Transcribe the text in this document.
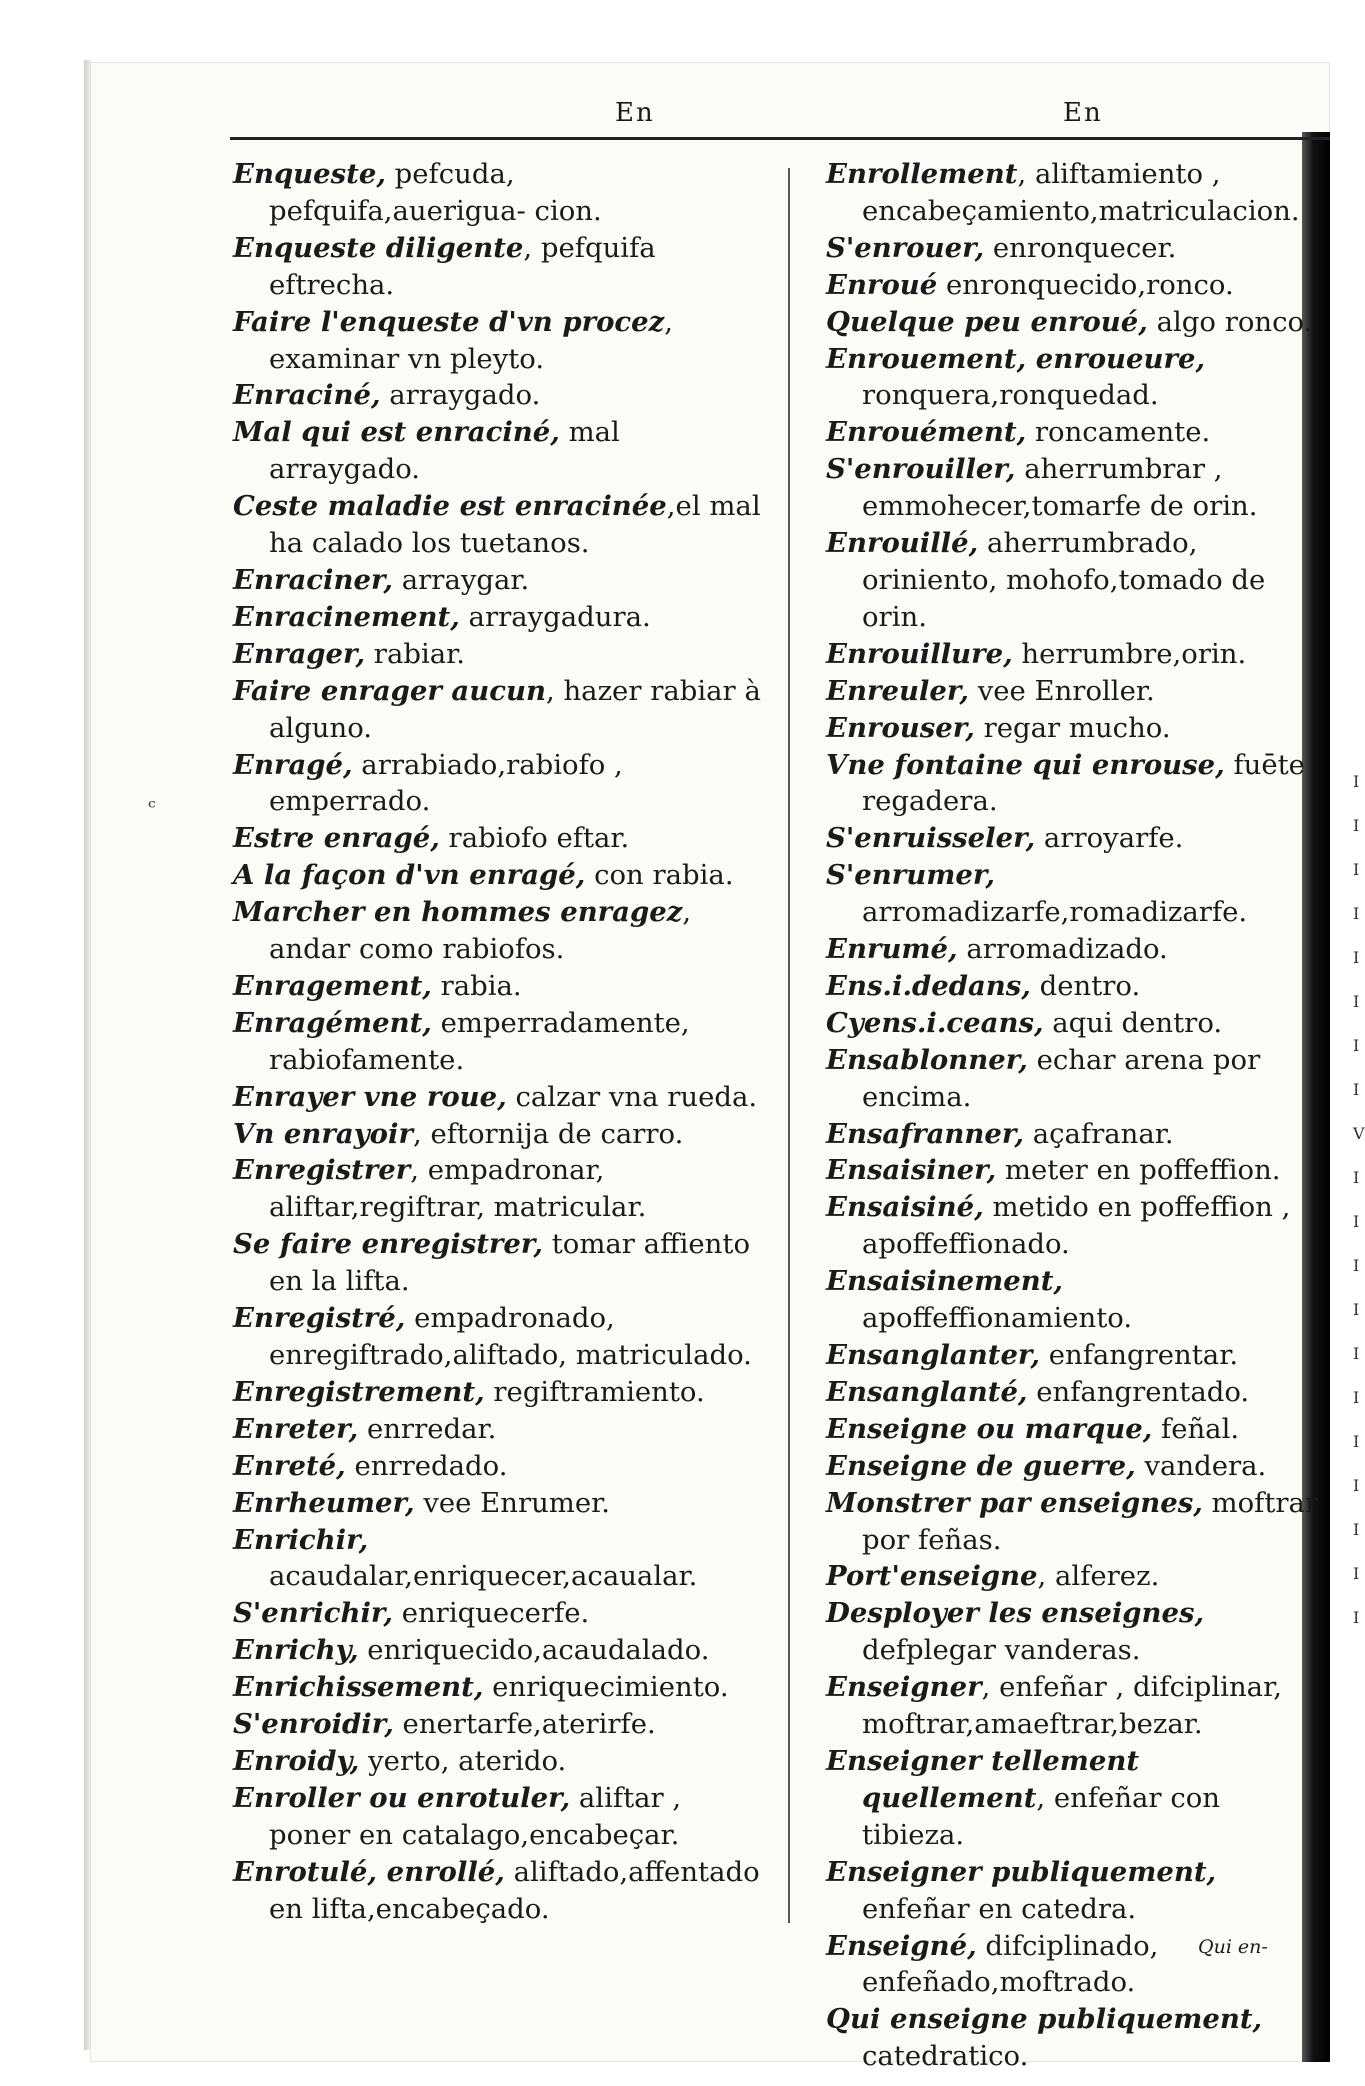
I
I
I
I
I
I
I
I
V
I
I
I
I
I
I
I
I
I
I
I
ᶜ
En	En

Enqueste, pefcuda, pefquifa,auerigua- cion.

Enqueste diligente, pefquifa eftrecha.

Faire l'enqueste d'vn procez, examinar vn pleyto.

Enraciné, arraygado.

Mal qui est enraciné, mal arraygado.

Ceste maladie est enracinée,el mal ha calado los tuetanos.

Enraciner, arraygar.

Enracinement, arraygadura.

Enrager, rabiar.

Faire enrager aucun, hazer rabiar à alguno.

Enragé, arrabiado,rabiofo , emperrado.

Estre enragé, rabiofo eftar.

A la façon d'vn enragé, con rabia.

Marcher en hommes enragez, andar como rabiofos.

Enragement, rabia.

Enragément, emperradamente, rabiofamente.

Enrayer vne roue, calzar vna rueda.

Vn enrayoir, eftornija de carro.

Enregistrer, empadronar, aliftar,regiftrar, matricular.

Se faire enregistrer, tomar affiento en la lifta.

Enregistré, empadronado, enregiftrado,aliftado, matriculado.

Enregistrement, regiftramiento.

Enreter, enrredar.

Enreté, enrredado.

Enrheumer, vee Enrumer.

Enrichir, acaudalar,enriquecer,acaualar.

S'enrichir, enriquecerfe.

Enrichy, enriquecido,acaudalado.

Enrichissement, enriquecimiento.

S'enroidir, enertarfe,aterirfe.

Enroidy, yerto, aterido.

Enroller ou enrotuler, aliftar , poner en catalago,encabeçar.

Enrotulé, enrollé, aliftado,affentado en lifta,encabeçado.

Enrollement, aliftamiento , encabeçamiento,matriculacion.

S'enrouer, enronquecer.

Enroué enronquecido,ronco.

Quelque peu enroué, algo ronco.

Enrouement, enroueure, ronquera,ronquedad.

Enrouément, roncamente.

S'enrouiller, aherrumbrar , emmohecer,tomarfe de orin.

Enrouillé, aherrumbrado, oriniento, mohofo,tomado de orin.

Enrouillure, herrumbre,orin.

Enreuler, vee Enroller.

Enrouser, regar mucho.

Vne fontaine qui enrouse, fuēte regadera.

S'enruisseler, arroyarfe.

S'enrumer, arromadizarfe,romadizarfe.

Enrumé, arromadizado.

Ens.i.dedans, dentro.

Cyens.i.ceans, aqui dentro.

Ensablonner, echar arena por encima.

Ensafranner, açafranar.

Ensaisiner, meter en poffeffion.

Ensaisiné, metido en poffeffion , apoffeffionado.

Ensaisinement, apoffeffionamiento.

Ensanglanter, enfangrentar.

Ensanglanté, enfangrentado.

Enseigne ou marque, feñal.

Enseigne de guerre, vandera.

Monstrer par enseignes, moftrar por feñas.

Port'enseigne, alferez.

Desployer les enseignes, defplegar vanderas.

Enseigner, enfeñar , difciplinar, moftrar,amaeftrar,bezar.

Enseigner tellement quellement, enfeñar con tibieza.

Enseigner publiquement, enfeñar en catedra.

Enseigné, difciplinado, enfeñado,moftrado.

Qui enseigne publiquement, catedratico.

Qui en-
